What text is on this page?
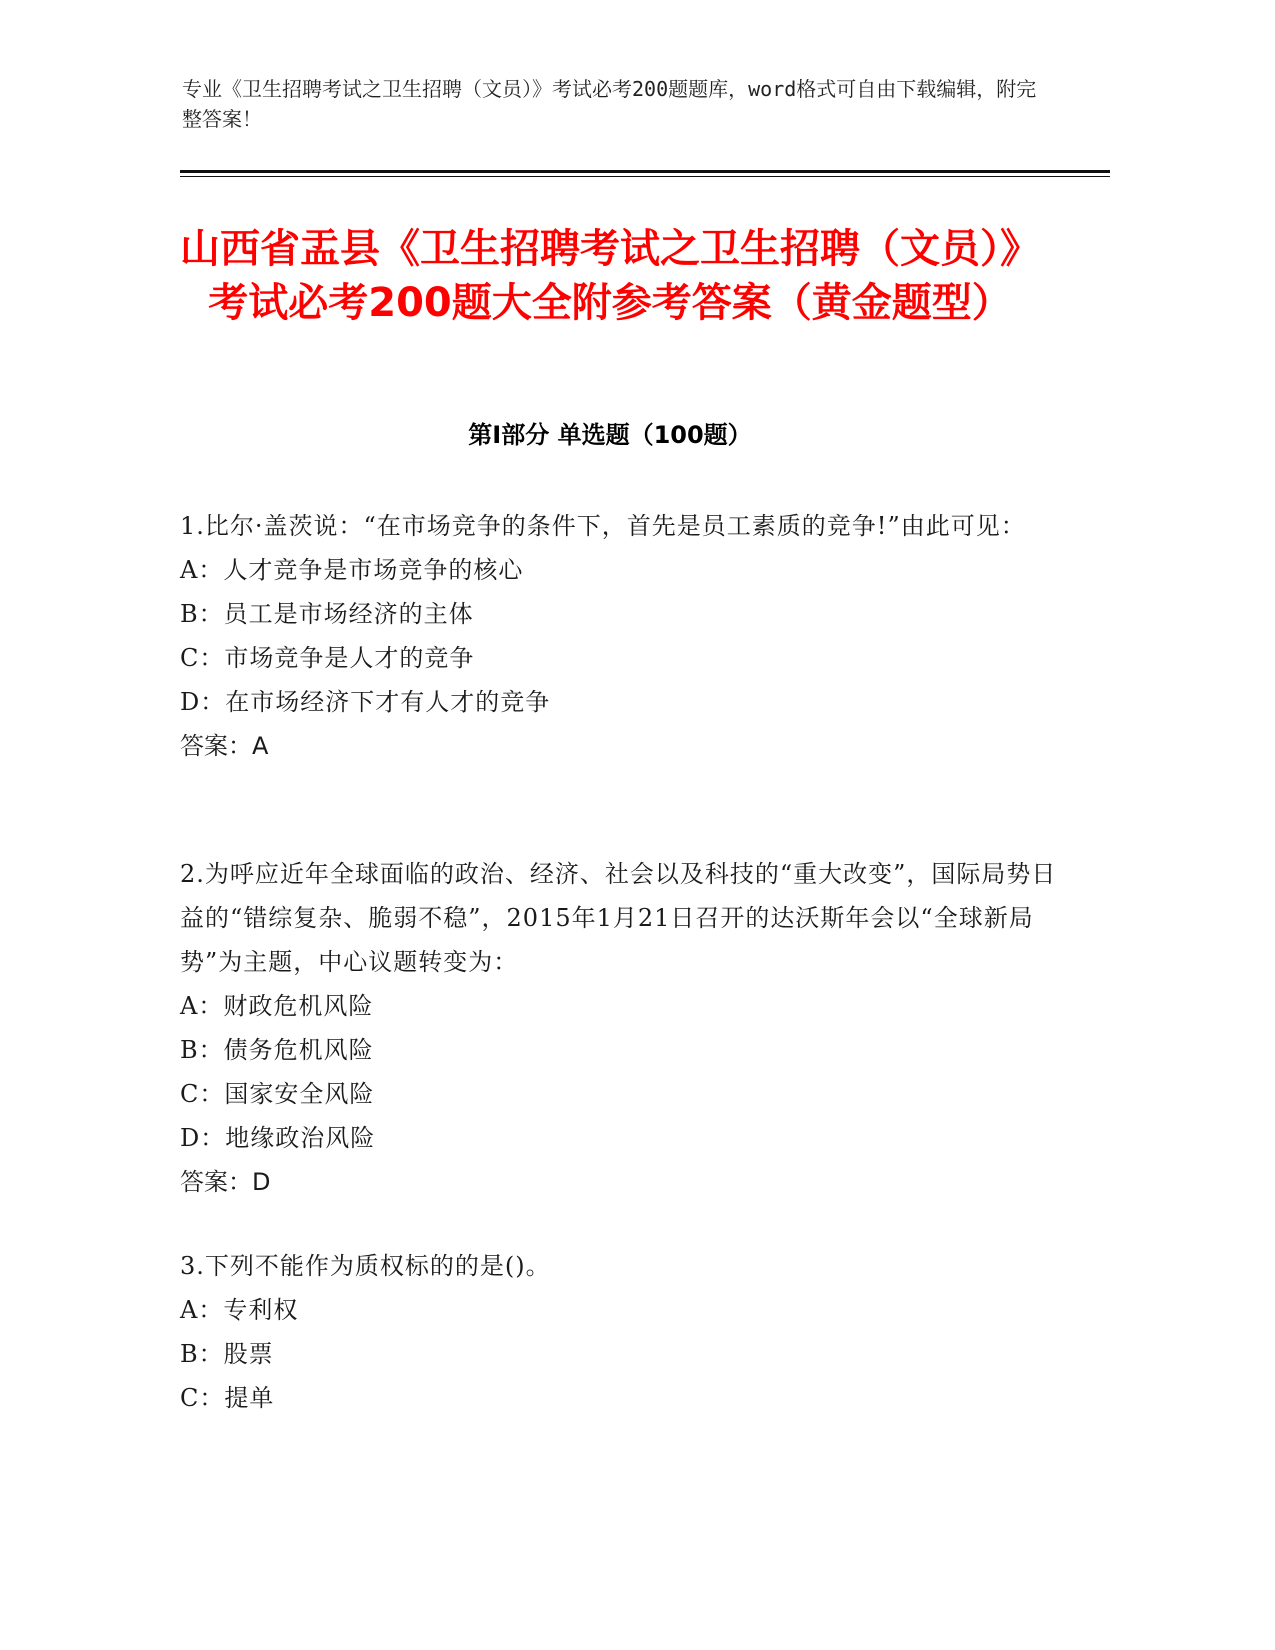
专业《卫生招聘考试之卫生招聘（文员）》考试必考200题题库，word格式可自由下载编辑，附完整答案！

山西省盂县《卫生招聘考试之卫生招聘（文员）》考试必考200题大全附参考答案（黄金题型）
第I部分 单选题（100题）

1.比尔·盖茨说：“在市场竞争的条件下，首先是员工素质的竞争!”由此可见：

A：人才竞争是市场竞争的核心

B：员工是市场经济的主体

C：市场竞争是人才的竞争

D：在市场经济下才有人才的竞争

答案：A

2.为呼应近年全球面临的政治、经济、社会以及科技的“重大改变”，国际局势日益的“错综复杂、脆弱不稳”，2015年1月21日召开的达沃斯年会以“全球新局势”为主题，中心议题转变为：

A：财政危机风险

B：债务危机风险

C：国家安全风险

D：地缘政治风险

答案：D

3.下列不能作为质权标的的是()。

A：专利权

B：股票

C：提单
